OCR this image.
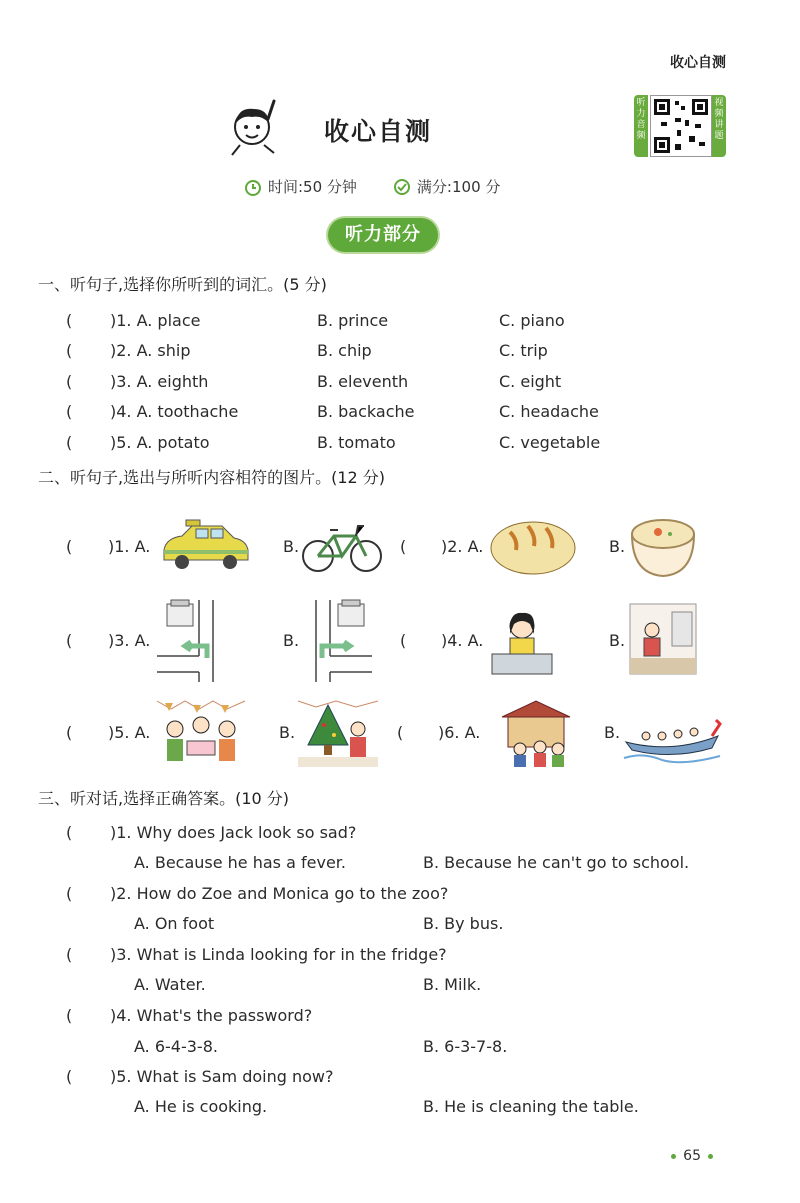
收心自测
收心自测
听力音频
视频讲题
时间:50 分钟	满分:100 分
听力部分
一、听句子,选择你所听到的词汇。(5 分)
( )1. A. place	B. prince	C. piano
( )2. A. ship	B. chip	C. trip
( )3. A. eighth	B. eleventh	C. eight
( )4. A. toothache	B. backache	C. headache
( )5. A. potato	B. tomato	C. vegetable
二、听句子,选出与所听内容相符的图片。(12 分)
( )1. A.	B.	( )2. A.	B.
( )3. A.	B.	( )4. A.	B.
( )5. A.	B.	( )6. A.	B.
三、听对话,选择正确答案。(10 分)
( )1. Why does Jack look so sad?
A. Because he has a fever.	B. Because he can't go to school.
( )2. How do Zoe and Monica go to the zoo?
A. On foot	B. By bus.
( )3. What is Linda looking for in the fridge?
A. Water.	B. Milk.
( )4. What's the password?
A. 6-4-3-8.	B. 6-3-7-8.
( )5. What is Sam doing now?
A. He is cooking.	B. He is cleaning the table.
65
